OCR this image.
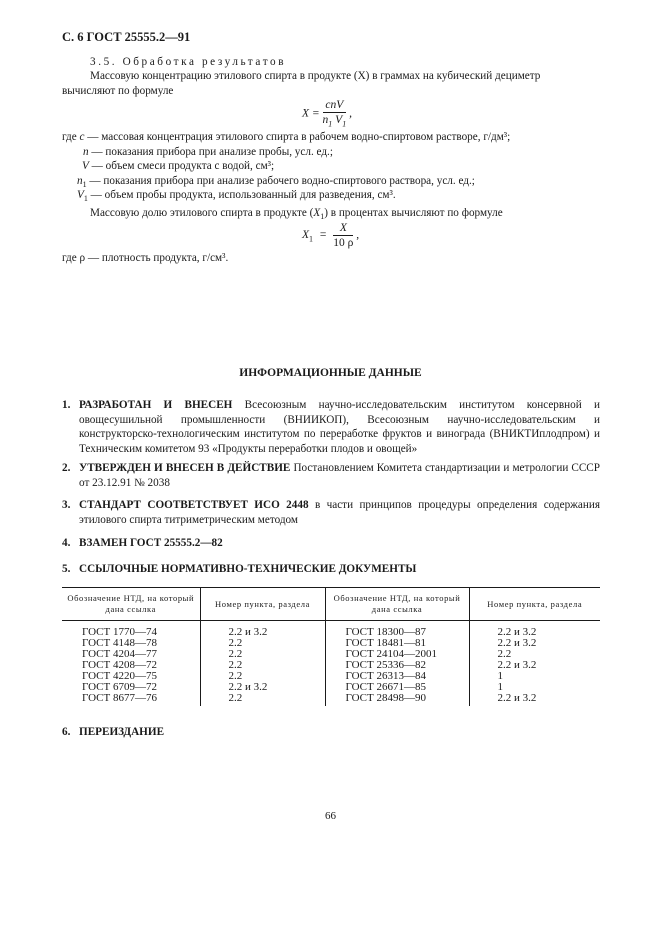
С. 6 ГОСТ 25555.2—91
3.5. Обработка результатов
Массовую концентрацию этилового спирта в продукте (X) в граммах на кубический дециметр
вычисляют по формуле
$X = \frac{\text{cnV}}{n_1 V_1}$ ,
где c — массовая концентрация этилового спирта в рабочем водно-спиртовом растворе, г/дм³;
n — показания прибора при анализе пробы, усл. ед.;
V — объем смеси продукта с водой, см³;
$n_1$ — показания прибора при анализе рабочего водно-спиртового раствора, усл. ед.;
$V_1$ — объем пробы продукта, использованный для разведения, см³.
Массовую долю этилового спирта в продукте $(X_1)$ в процентах вычисляют по формуле
$X_1 = \frac{X}{10 \rho}$ ,
где ρ — плотность продукта, г/см³.
ИНФОРМАЦИОННЫЕ ДАННЫЕ
1. РАЗРАБОТАН И ВНЕСЕН Всесоюзным научно-исследовательским институтом консервной и овощесушильной промышленности (ВНИИКОП), Всесоюзным научно-исследовательским и конструкторско-технологическим институтом по переработке фруктов и винограда (ВНИКТИплодпром) и Техническим комитетом 93 «Продукты переработки плодов и овощей»
2. УТВЕРЖДЕН И ВНЕСЕН В ДЕЙСТВИЕ Постановлением Комитета стандартизации и метрологии СССР от 23.12.91 № 2038
3. СТАНДАРТ СООТВЕТСТВУЕТ ИСО 2448 в части принципов процедуры определения содержания этилового спирта титриметрическим методом
4. ВЗАМЕН ГОСТ 25555.2—82
5. ССЫЛОЧНЫЕ НОРМАТИВНО-ТЕХНИЧЕСКИЕ ДОКУМЕНТЫ
Обозначение НТД, на который дана ссылка	Номер пункта, раздела	Обозначение НТД, на который дана ссылка	Номер пункта, раздела
ГОСТ 1770—74	2.2 и 3.2	ГОСТ 18300—87	2.2 и 3.2
ГОСТ 4148—78	2.2	ГОСТ 18481—81	2.2 и 3.2
ГОСТ 4204—77	2.2	ГОСТ 24104—2001	2.2
ГОСТ 4208—72	2.2	ГОСТ 25336—82	2.2 и 3.2
ГОСТ 4220—75	2.2	ГОСТ 26313—84	1
ГОСТ 6709—72	2.2 и 3.2	ГОСТ 26671—85	1
ГОСТ 8677—76	2.2	ГОСТ 28498—90	2.2 и 3.2
6. ПЕРЕИЗДАНИЕ
66
